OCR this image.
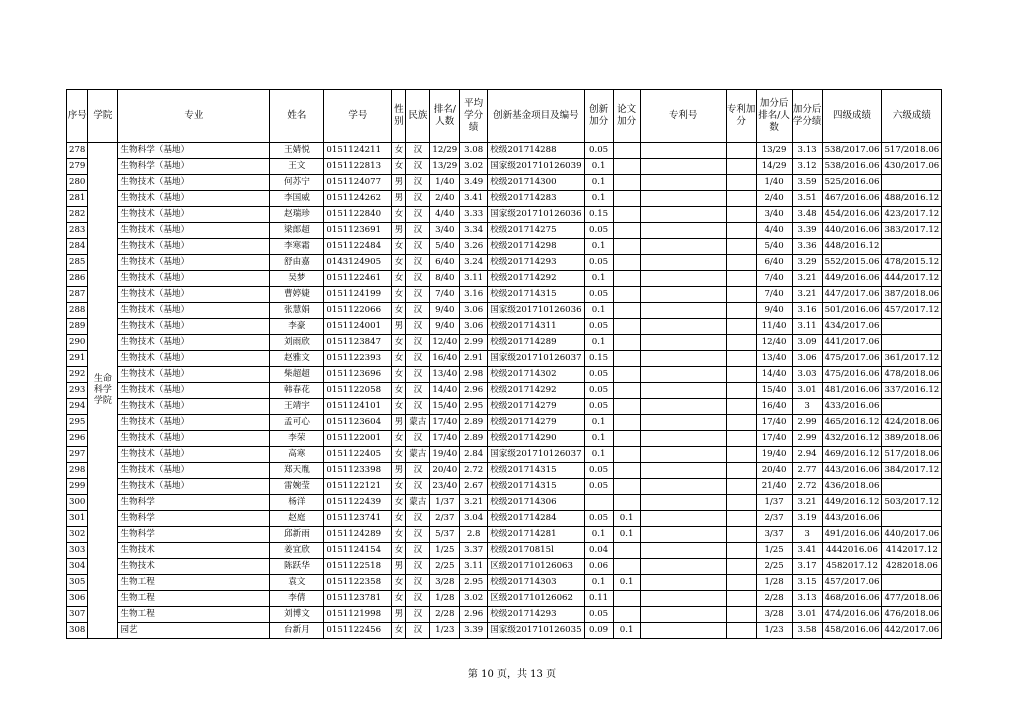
序号	学院	专业	姓名	学号	性别	民族	排名/人数	平均学分绩	创新基金项目及编号	创新加分	论文加分	专利号	专利加分	加分后排名/人数	加分后学分绩	四级成绩	六级成绩
278	生命科学学院	生物科学（基地）	王婧悦	0151124211	女	汉	12/29	3.08	校级201714288	0.05				13/29	3.13	538/2017.06	517/2018.06
279		生物科学（基地）	王文	0151122813	女	汉	13/29	3.02	国家级201710126039	0.1				14/29	3.12	538/2016.06	430/2017.06
280		生物技术（基地）	何苏宁	0151124077	男	汉	1/40	3.49	校级201714300	0.1				1/40	3.59	525/2016.06	
281		生物技术（基地）	李国威	0151124262	男	汉	2/40	3.41	校级201714283	0.1				2/40	3.51	467/2016.06	488/2016.12
282		生物技术（基地）	赵瑞珍	0151122840	女	汉	4/40	3.33	国家级201710126036	0.15				3/40	3.48	454/2016.06	423/2017.12
283		生物技术（基地）	梁郎超	0151123691	男	汉	3/40	3.34	校级201714275	0.05				4/40	3.39	440/2016.06	383/2017.12
284		生物技术（基地）	李寒霜	0151122484	女	汉	5/40	3.26	校级201714298	0.1				5/40	3.36	448/2016.12	
285		生物技术（基地）	舒由嘉	0143124905	女	汉	6/40	3.24	校级201714293	0.05				6/40	3.29	552/2015.06	478/2015.12
286		生物技术（基地）	吴梦	0151122461	女	汉	8/40	3.11	校级201714292	0.1				7/40	3.21	449/2016.06	444/2017.12
287		生物技术（基地）	曹婷婕	0151124199	女	汉	7/40	3.16	校级201714315	0.05				7/40	3.21	447/2017.06	387/2018.06
288		生物技术（基地）	张慧娟	0151122066	女	汉	9/40	3.06	国家级201710126036	0.1				9/40	3.16	501/2016.06	457/2017.12
289		生物技术（基地）	李豪	0151124001	男	汉	9/40	3.06	校级201714311	0.05				11/40	3.11	434/2017.06	
290		生物技术（基地）	刘雨欣	0151123847	女	汉	12/40	2.99	校级201714289	0.1				12/40	3.09	441/2017.06	
291		生物技术（基地）	赵雅文	0151122393	女	汉	16/40	2.91	国家级201710126037	0.15				13/40	3.06	475/2017.06	361/2017.12
292		生物技术（基地）	柴超超	0151123696	女	汉	13/40	2.98	校级201714302	0.05				14/40	3.03	475/2016.06	478/2018.06
293		生物技术（基地）	韩春花	0151122058	女	汉	14/40	2.96	校级201714292	0.05				15/40	3.01	481/2016.06	337/2016.12
294		生物技术（基地）	王靖宇	0151124101	女	汉	15/40	2.95	校级201714279	0.05				16/40	3	433/2016.06	
295		生物技术（基地）	孟可心	0151123604	男	蒙古	17/40	2.89	校级201714279	0.1				17/40	2.99	465/2016.12	424/2018.06
296		生物技术（基地）	李荣	0151122001	女	汉	17/40	2.89	校级201714290	0.1				17/40	2.99	432/2016.12	389/2018.06
297		生物技术（基地）	高寒	0151122405	女	蒙古	19/40	2.84	国家级201710126037	0.1				19/40	2.94	469/2016.12	517/2018.06
298		生物技术（基地）	郑天胤	0151123398	男	汉	20/40	2.72	校级201714315	0.05				20/40	2.77	443/2016.06	384/2017.12
299		生物技术（基地）	雷婉莹	0151122121	女	汉	23/40	2.67	校级201714315	0.05				21/40	2.72	436/2018.06	
300		生物科学	杨洋	0151122439	女	蒙古	1/37	3.21	校级201714306					1/37	3.21	449/2016.12	503/2017.12
301		生物科学	赵庭	0151123741	女	汉	2/37	3.04	校级201714284	0.05	0.1			2/37	3.19	443/2016.06	
302		生物科学	邱新雨	0151124289	女	汉	5/37	2.8	校级201714281	0.1	0.1			3/37	3	491/2016.06	440/2017.06
303		生物技术	姜宜欣	0151124154	女	汉	1/25	3.37	校级20170815l	0.04				1/25	3.41	4442016.06	4142017.12
304		生物技术	陈跃华	0151122518	男	汉	2/25	3.11	区级201710126063	0.06				2/25	3.17	4582017.12	4282018.06
305		生物工程	袁文	0151122358	女	汉	3/28	2.95	校级201714303	0.1	0.1			1/28	3.15	457/2017.06	
306		生物工程	李倩	0151123781	女	汉	1/28	3.02	区级201710126062	0.11				2/28	3.13	468/2016.06	477/2018.06
307		生物工程	刘博文	0151121998	男	汉	2/28	2.96	校级201714293	0.05				3/28	3.01	474/2016.06	476/2018.06
308		园艺	台新月	0151122456	女	汉	1/23	3.39	国家级201710126035	0.09	0.1			1/23	3.58	458/2016.06	442/2017.06
第 10 页，共 13 页
